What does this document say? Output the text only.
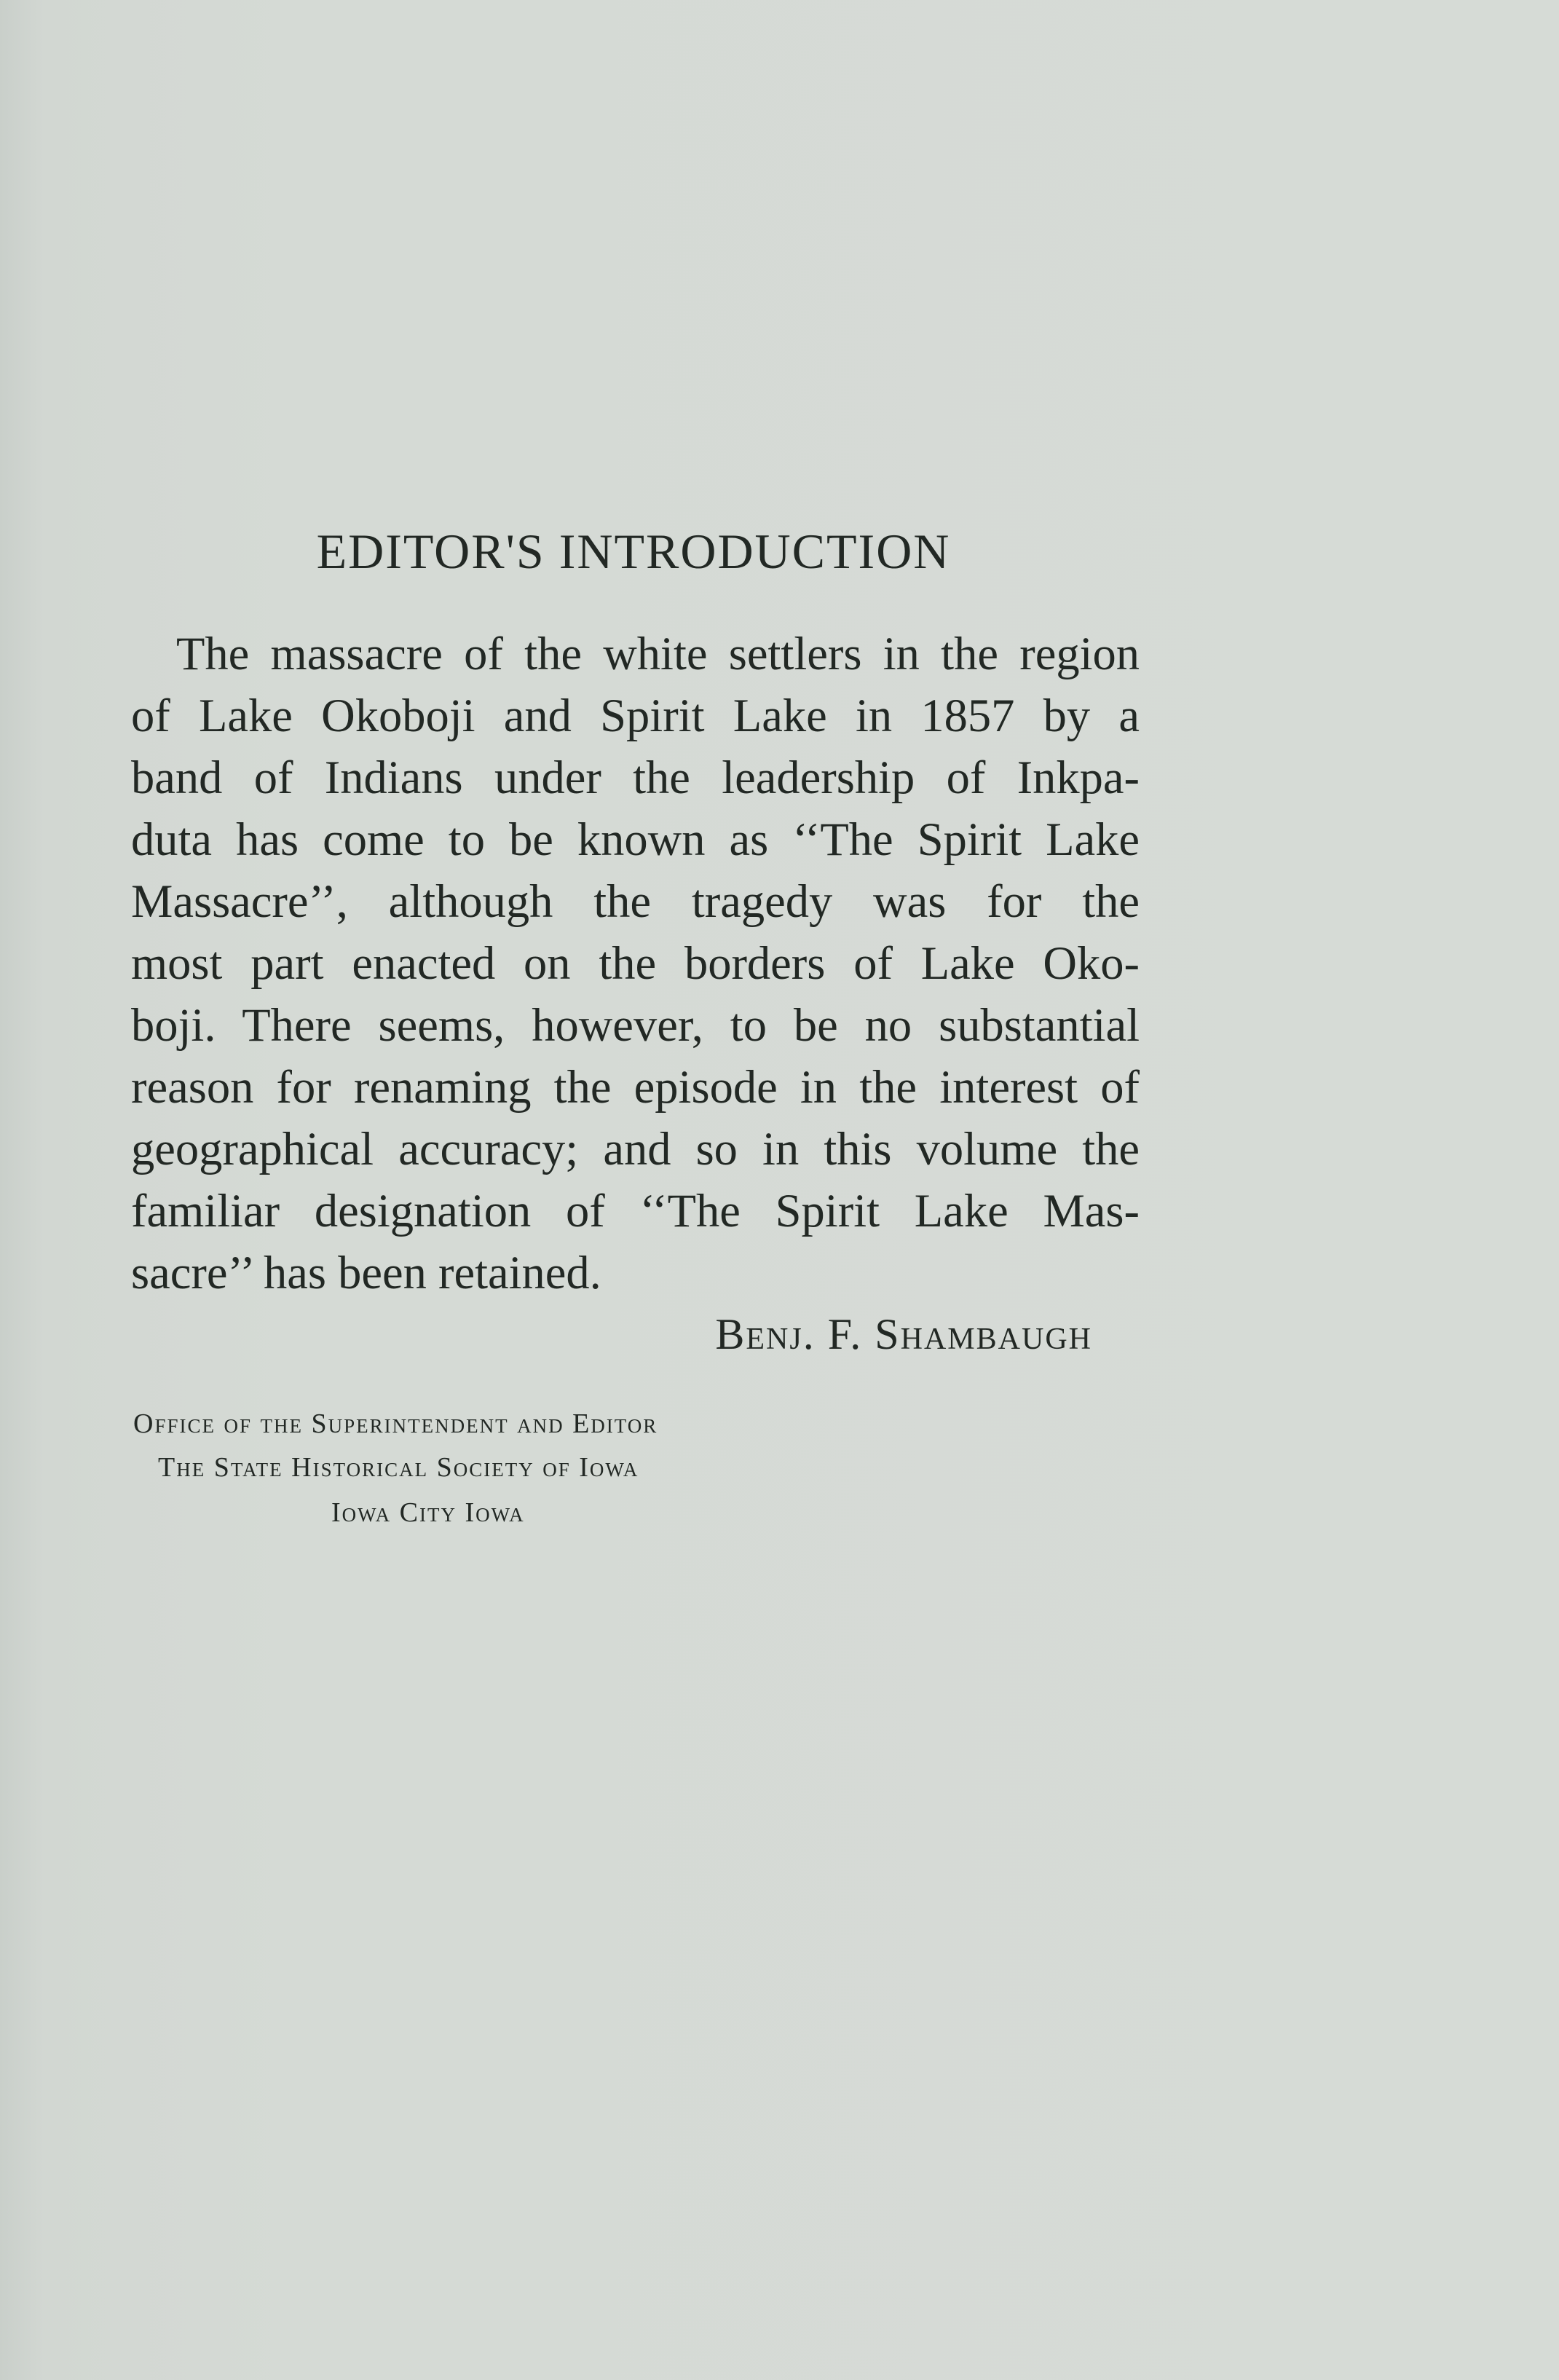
EDITOR'S INTRODUCTION
The massacre of the white settlers in the region
of Lake Okoboji and Spirit Lake in 1857 by a
band of Indians under the leadership of Inkpa-
duta has come to be known as ‘‘The Spirit Lake
Massacre’’, although the tragedy was for the
most part enacted on the borders of Lake Oko-
boji. There seems, however, to be no substantial
reason for renaming the episode in the interest of
geographical accuracy; and so in this volume the
familiar designation of ‘‘The Spirit Lake Mas-
sacre’’ has been retained.
Benj. F. Shambaugh
Office of the Superintendent and Editor
The State Historical Society of Iowa
Iowa City Iowa
